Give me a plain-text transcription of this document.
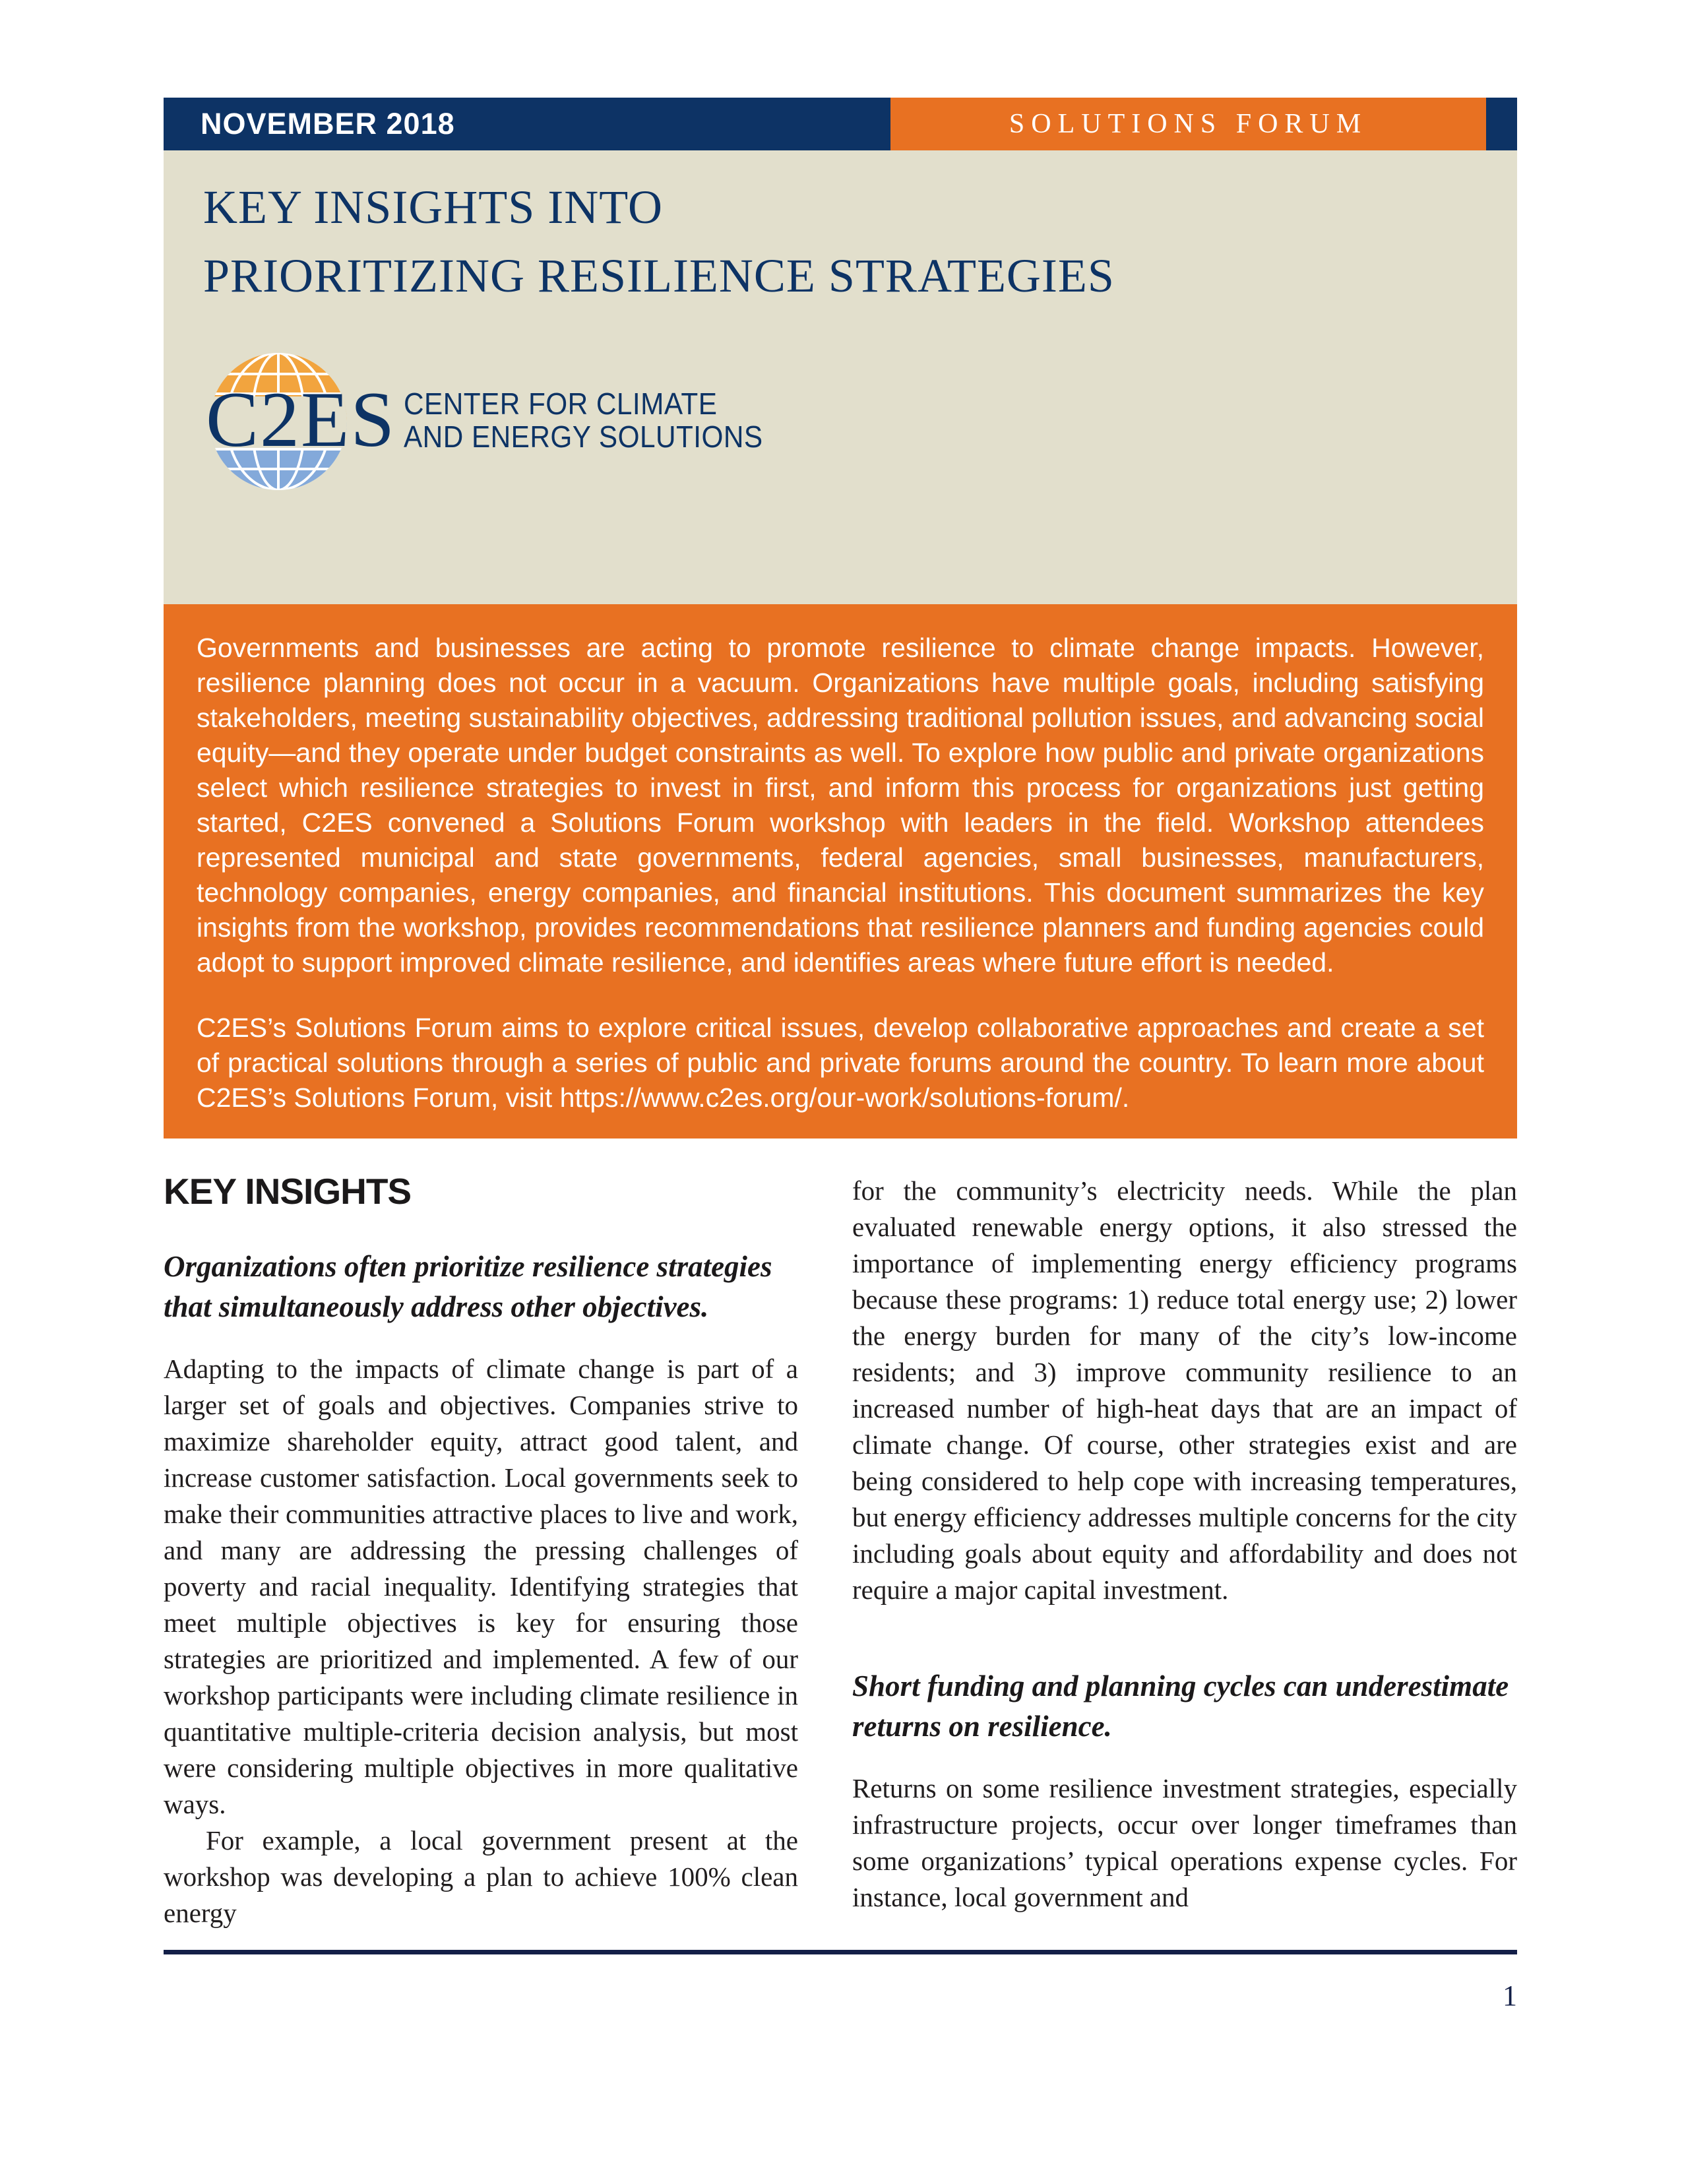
NOVEMBER 2018	SOLUTIONS FORUM
KEY INSIGHTS INTO
PRIORITIZING RESILIENCE STRATEGIES
C2ES CENTER FOR CLIMATE
AND ENERGY SOLUTIONS

Governments and businesses are acting to promote resilience to climate change impacts. However, resilience planning does not occur in a vacuum. Organizations have multiple goals, including satisfying stakeholders, meeting sustainability objectives, addressing traditional pollution issues, and advancing social equity—and they operate under budget constraints as well. To explore how public and private organizations select which resilience strategies to invest in first, and inform this process for organizations just getting started, C2ES convened a Solutions Forum workshop with leaders in the field. Workshop attendees represented municipal and state governments, federal agencies, small businesses, manufacturers, technology companies, energy companies, and financial institutions. This document summarizes the key insights from the workshop, provides recommendations that resilience planners and funding agencies could adopt to support improved climate resilience, and identifies areas where future effort is needed.

C2ES’s Solutions Forum aims to explore critical issues, develop collaborative approaches and create a set of practical solutions through a series of public and private forums around the country. To learn more about C2ES’s Solutions Forum, visit https://www.c2es.org/our-work/solutions-forum/.

KEY INSIGHTS
Organizations often prioritize resilience strategies that simultaneously address other objectives.

Adapting to the impacts of climate change is part of a larger set of goals and objectives. Companies strive to maximize shareholder equity, attract good talent, and increase customer satisfaction. Local governments seek to make their communities attractive places to live and work, and many are addressing the pressing challenges of poverty and racial inequality. Identifying strategies that meet multiple objectives is key for ensuring those strategies are prioritized and implemented. A few of our workshop participants were including climate resilience in quantitative multiple-criteria decision analysis, but most were considering multiple objectives in more qualitative ways.

For example, a local government present at the workshop was developing a plan to achieve 100% clean energy

for the community’s electricity needs. While the plan evaluated renewable energy options, it also stressed the importance of implementing energy efficiency programs because these programs: 1) reduce total energy use; 2) lower the energy burden for many of the city’s low-income residents; and 3) improve community resilience to an increased number of high-heat days that are an impact of climate change. Of course, other strategies exist and are being considered to help cope with increasing temperatures, but energy efficiency addresses multiple concerns for the city including goals about equity and affordability and does not require a major capital investment.

Short funding and planning cycles can underestimate returns on resilience.

Returns on some resilience investment strategies, especially infrastructure projects, occur over longer timeframes than some organizations’ typical operations expense cycles. For instance, local government and

1
